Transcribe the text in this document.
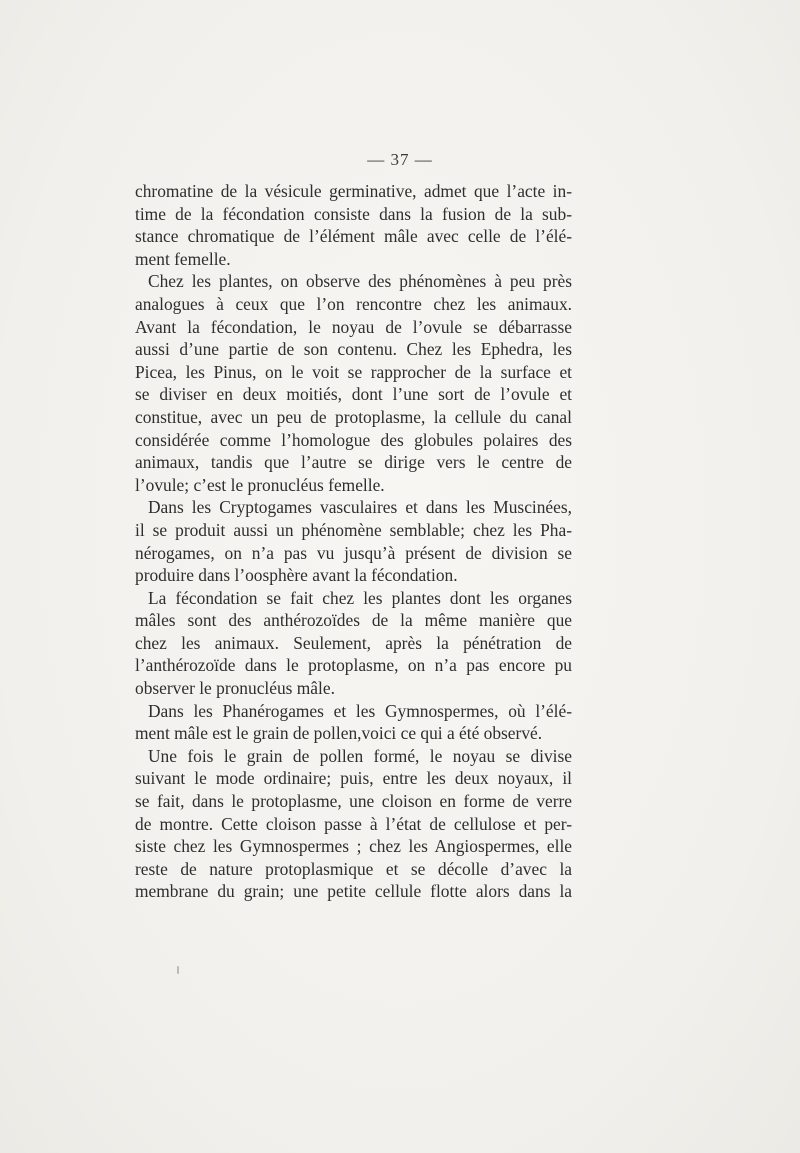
— 37 —
chromatine de la vésicule germinative, admet que l’acte in-
time de la fécondation consiste dans la fusion de la sub-
stance chromatique de l’élément mâle avec celle de l’élé-
ment femelle.
Chez les plantes, on observe des phénomènes à peu près
analogues à ceux que l’on rencontre chez les animaux.
Avant la fécondation, le noyau de l’ovule se débarrasse
aussi d’une partie de son contenu. Chez les Ephedra, les
Picea, les Pinus, on le voit se rapprocher de la surface et
se diviser en deux moitiés, dont l’une sort de l’ovule et
constitue, avec un peu de protoplasme, la cellule du canal
considérée comme l’homologue des globules polaires des
animaux, tandis que l’autre se dirige vers le centre de
l’ovule; c’est le pronucléus femelle.
Dans les Cryptogames vasculaires et dans les Muscinées,
il se produit aussi un phénomène semblable; chez les Pha-
nérogames, on n’a pas vu jusqu’à présent de division se
produire dans l’oosphère avant la fécondation.
La fécondation se fait chez les plantes dont les organes
mâles sont des anthérozoïdes de la même manière que
chez les animaux. Seulement, après la pénétration de
l’anthérozoïde dans le protoplasme, on n’a pas encore pu
observer le pronucléus mâle.
Dans les Phanérogames et les Gymnospermes, où l’élé-
ment mâle est le grain de pollen,voici ce qui a été observé.
Une fois le grain de pollen formé, le noyau se divise
suivant le mode ordinaire; puis, entre les deux noyaux, il
se fait, dans le protoplasme, une cloison en forme de verre
de montre. Cette cloison passe à l’état de cellulose et per-
siste chez les Gymnospermes ; chez les Angiospermes, elle
reste de nature protoplasmique et se décolle d’avec la
membrane du grain; une petite cellule flotte alors dans la
